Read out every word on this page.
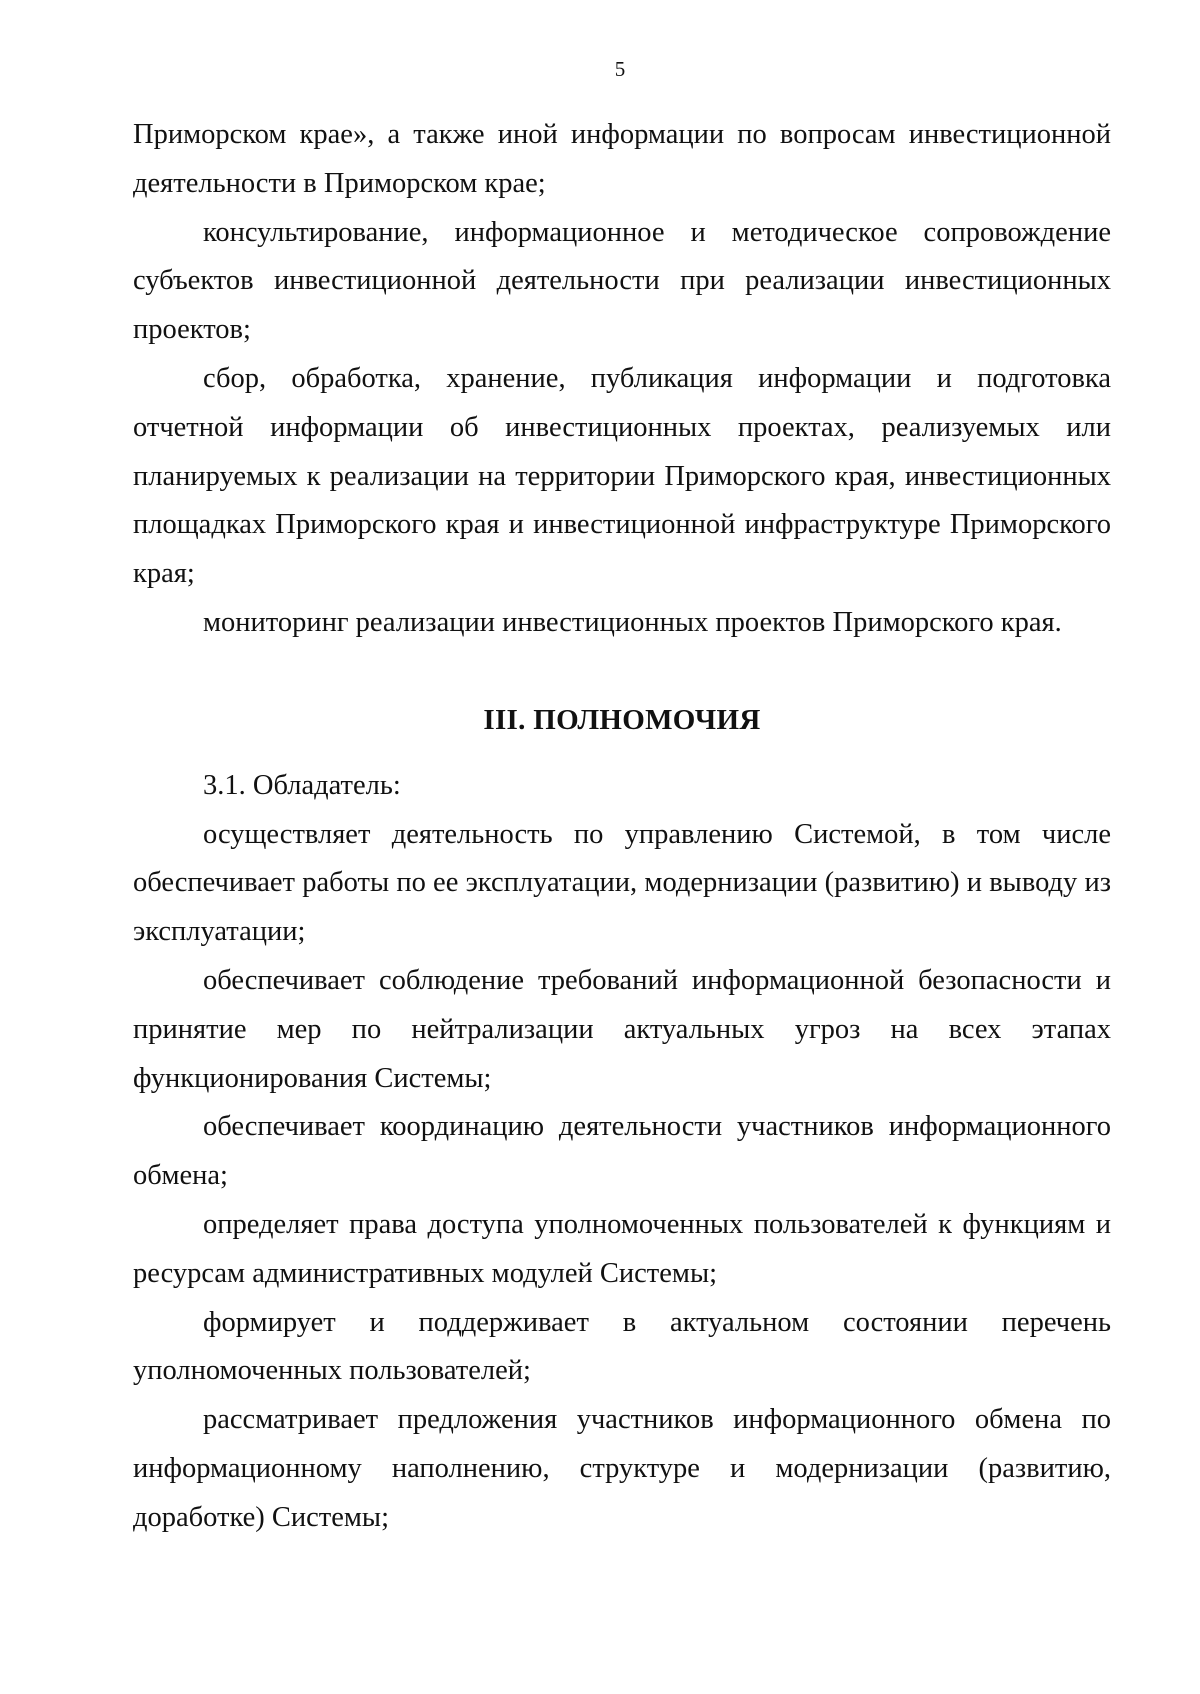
5

Приморском крае», а также иной информации по вопросам инвестиционной деятельности в Приморском крае;

консультирование, информационное и методическое сопровождение субъектов инвестиционной деятельности при реализации инвестиционных проектов;

сбор, обработка, хранение, публикация информации и подготовка отчетной информации об инвестиционных проектах, реализуемых или планируемых к реализации на территории Приморского края, инвестиционных площадках Приморского края и инвестиционной инфраструктуре Приморского края;

мониторинг реализации инвестиционных проектов Приморского края.

III. ПОЛНОМОЧИЯ

3.1. Обладатель:

осуществляет деятельность по управлению Системой, в том числе обеспечивает работы по ее эксплуатации, модернизации (развитию) и выводу из эксплуатации;

обеспечивает соблюдение требований информационной безопасности и принятие мер по нейтрализации актуальных угроз на всех этапах функционирования Системы;

обеспечивает координацию деятельности участников информационного обмена;

определяет права доступа уполномоченных пользователей к функциям и ресурсам административных модулей Системы;

формирует и поддерживает в актуальном состоянии перечень уполномоченных пользователей;

рассматривает предложения участников информационного обмена по информационному наполнению, структуре и модернизации (развитию, доработке) Системы;
